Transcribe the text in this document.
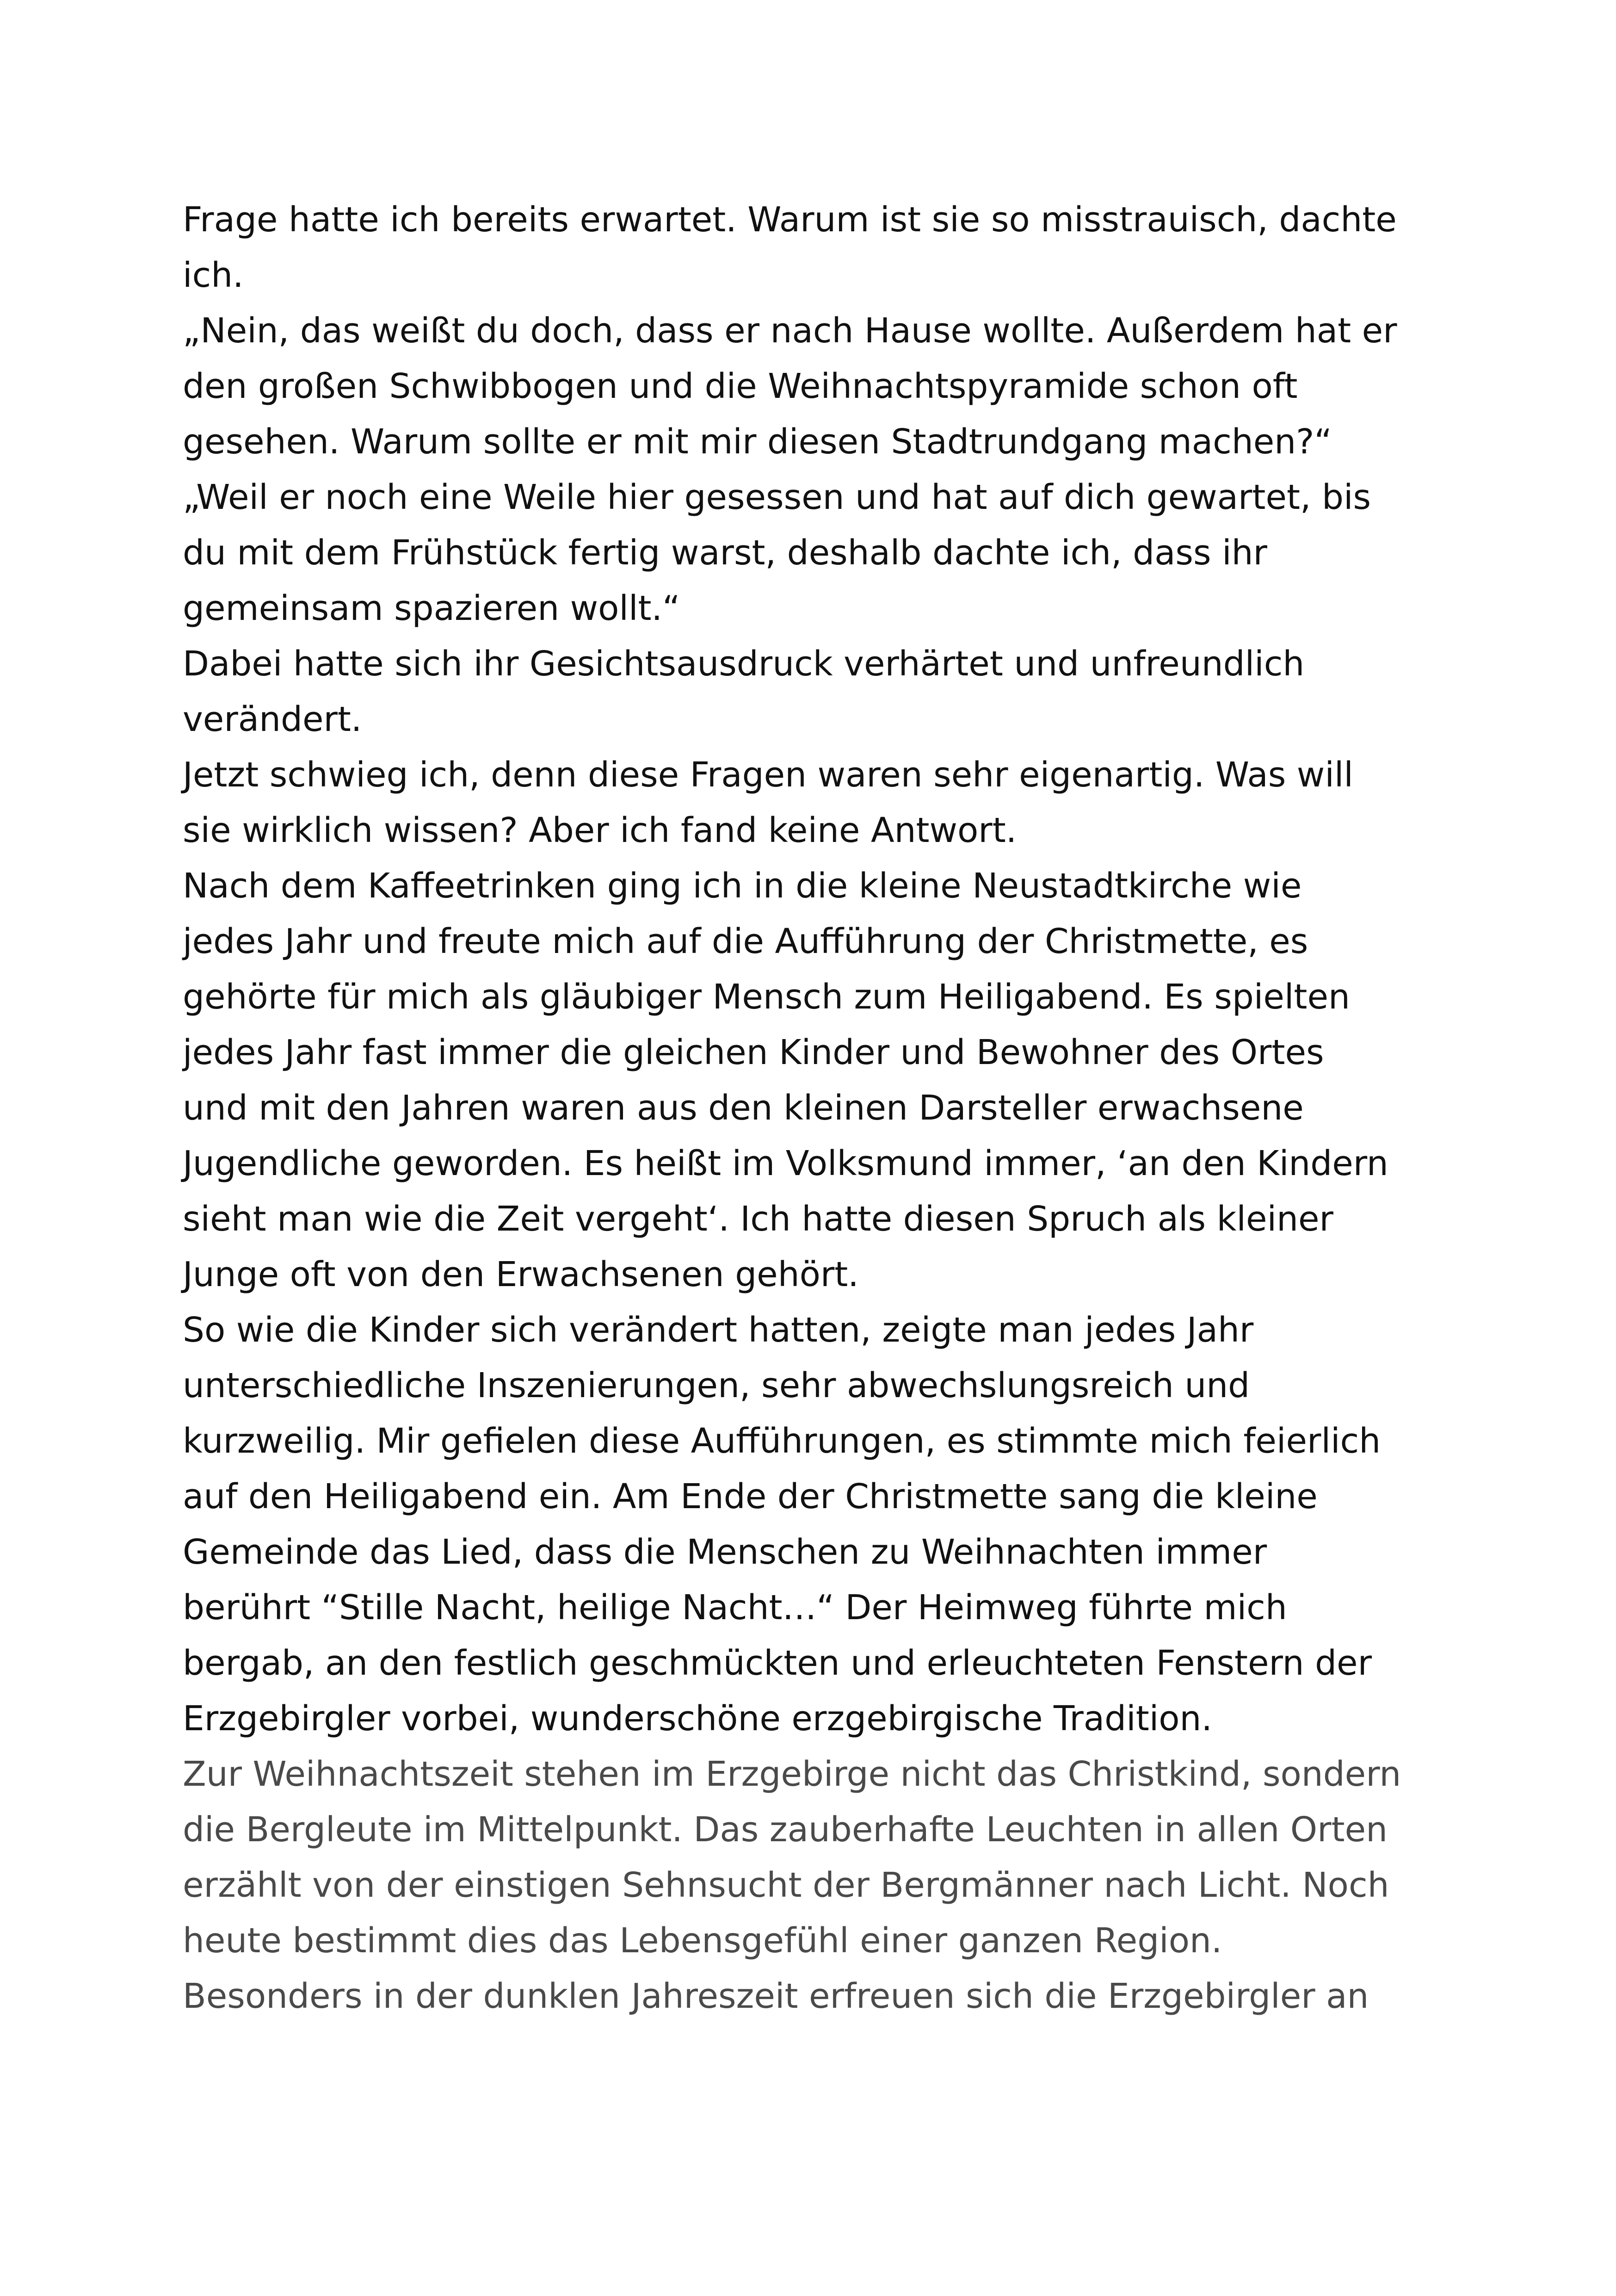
Frage hatte ich bereits erwartet. Warum ist sie so misstrauisch, dachte
ich.
„Nein, das weißt du doch, dass er nach Hause wollte. Außerdem hat er
den großen Schwibbogen und die Weihnachtspyramide schon oft
gesehen. Warum sollte er mit mir diesen Stadtrundgang machen?“
„Weil er noch eine Weile hier gesessen und hat auf dich gewartet, bis
du mit dem Frühstück fertig warst, deshalb dachte ich, dass ihr
gemeinsam spazieren wollt.“
Dabei hatte sich ihr Gesichtsausdruck verhärtet und unfreundlich
verändert.
Jetzt schwieg ich, denn diese Fragen waren sehr eigenartig. Was will
sie wirklich wissen? Aber ich fand keine Antwort.
Nach dem Kaffeetrinken ging ich in die kleine Neustadtkirche wie
jedes Jahr und freute mich auf die Aufführung der Christmette, es
gehörte für mich als gläubiger Mensch zum Heiligabend. Es spielten
jedes Jahr fast immer die gleichen Kinder und Bewohner des Ortes
und mit den Jahren waren aus den kleinen Darsteller erwachsene
Jugendliche geworden. Es heißt im Volksmund immer, ‘an den Kindern
sieht man wie die Zeit vergeht‘. Ich hatte diesen Spruch als kleiner
Junge oft von den Erwachsenen gehört.
So wie die Kinder sich verändert hatten, zeigte man jedes Jahr
unterschiedliche Inszenierungen, sehr abwechslungsreich und
kurzweilig. Mir gefielen diese Aufführungen, es stimmte mich feierlich
auf den Heiligabend ein. Am Ende der Christmette sang die kleine
Gemeinde das Lied, dass die Menschen zu Weihnachten immer
berührt “Stille Nacht, heilige Nacht…“ Der Heimweg führte mich
bergab, an den festlich geschmückten und erleuchteten Fenstern der
Erzgebirgler vorbei, wunderschöne erzgebirgische Tradition.
Zur Weihnachtszeit stehen im Erzgebirge nicht das Christkind, sondern
die Bergleute im Mittelpunkt. Das zauberhafte Leuchten in allen Orten
erzählt von der einstigen Sehnsucht der Bergmänner nach Licht. Noch
heute bestimmt dies das Lebensgefühl einer ganzen Region.
Besonders in der dunklen Jahreszeit erfreuen sich die Erzgebirgler an
